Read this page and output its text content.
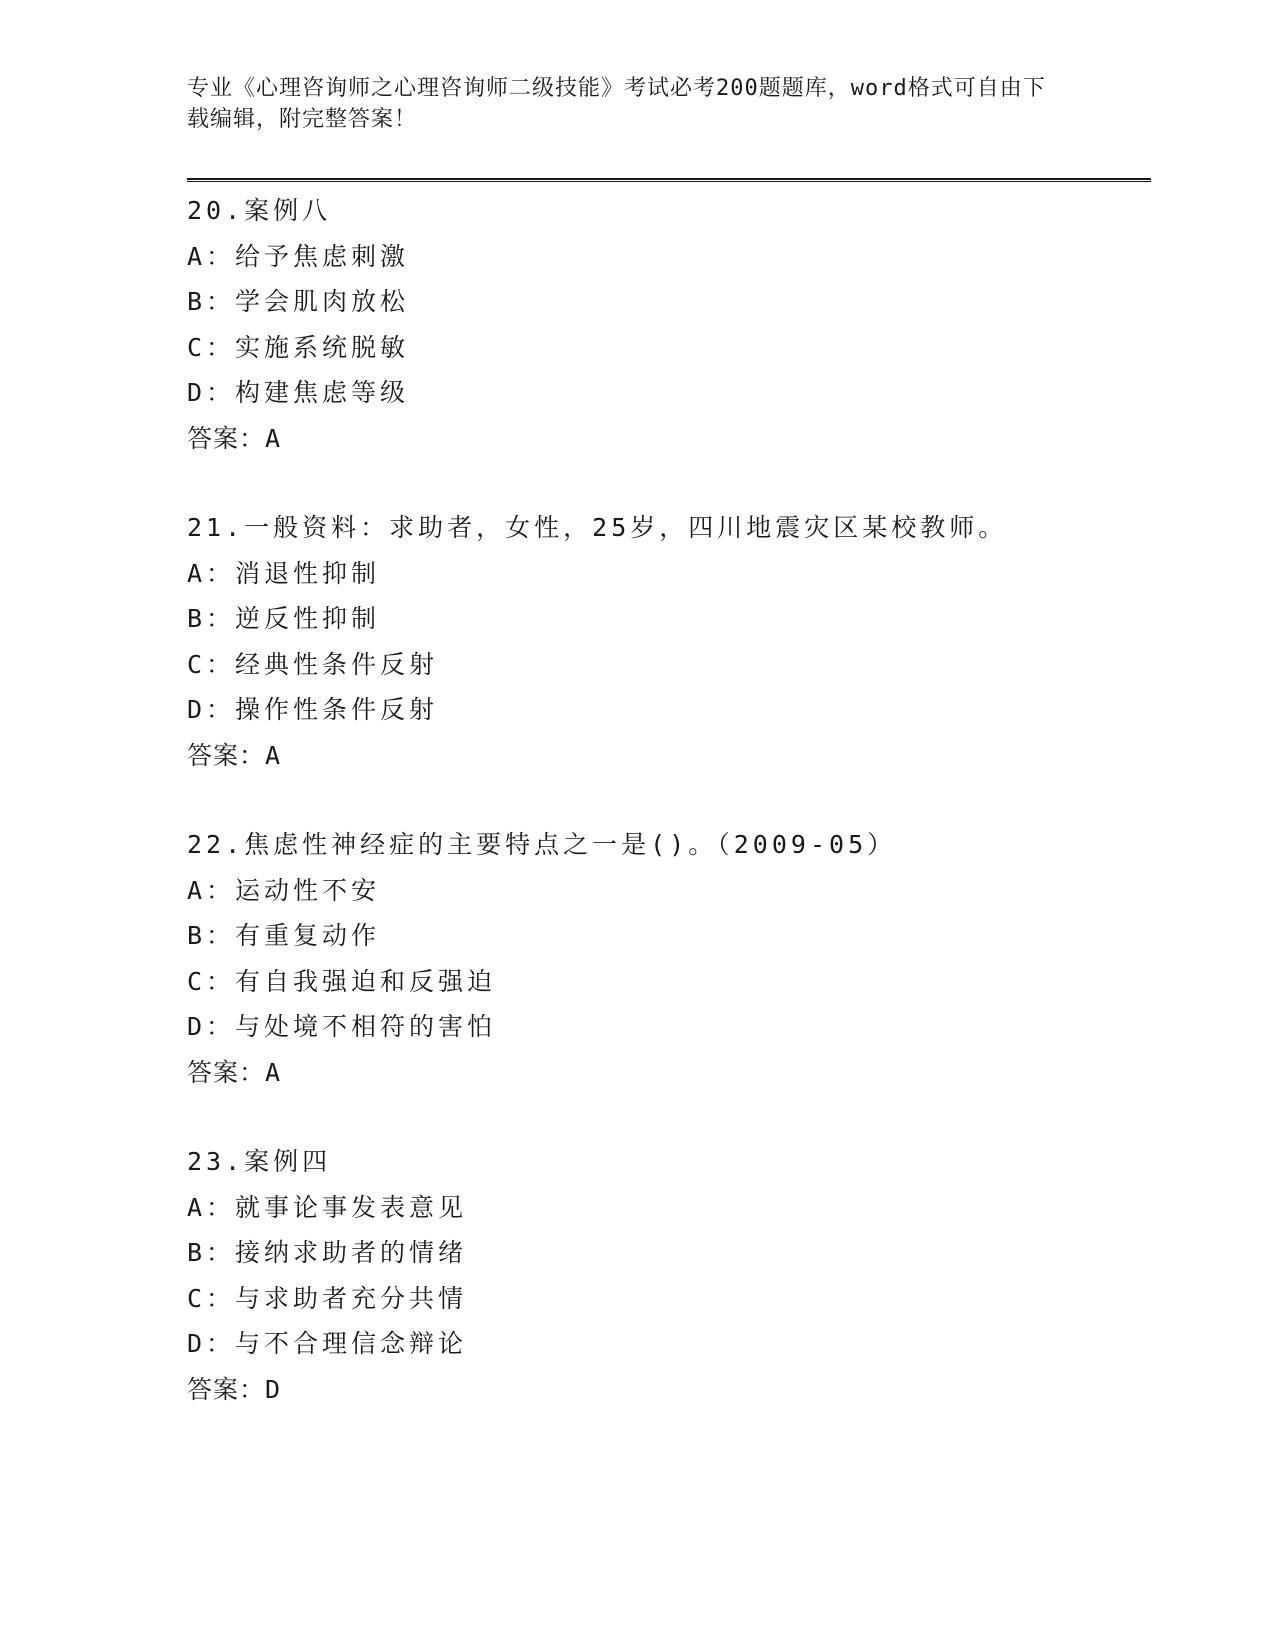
专业《心理咨询师之心理咨询师二级技能》考试必考200题题库，word格式可自由下载编辑，附完整答案！

20.案例八
A：给予焦虑刺激
B：学会肌肉放松
C：实施系统脱敏
D：构建焦虑等级
答案：A
21.一般资料：求助者，女性，25岁，四川地震灾区某校教师。
A：消退性抑制
B：逆反性抑制
C：经典性条件反射
D：操作性条件反射
答案：A
22.焦虑性神经症的主要特点之一是()。（2009-05）
A：运动性不安
B：有重复动作
C：有自我强迫和反强迫
D：与处境不相符的害怕
答案：A
23.案例四
A：就事论事发表意见
B：接纳求助者的情绪
C：与求助者充分共情
D：与不合理信念辩论
答案：D
